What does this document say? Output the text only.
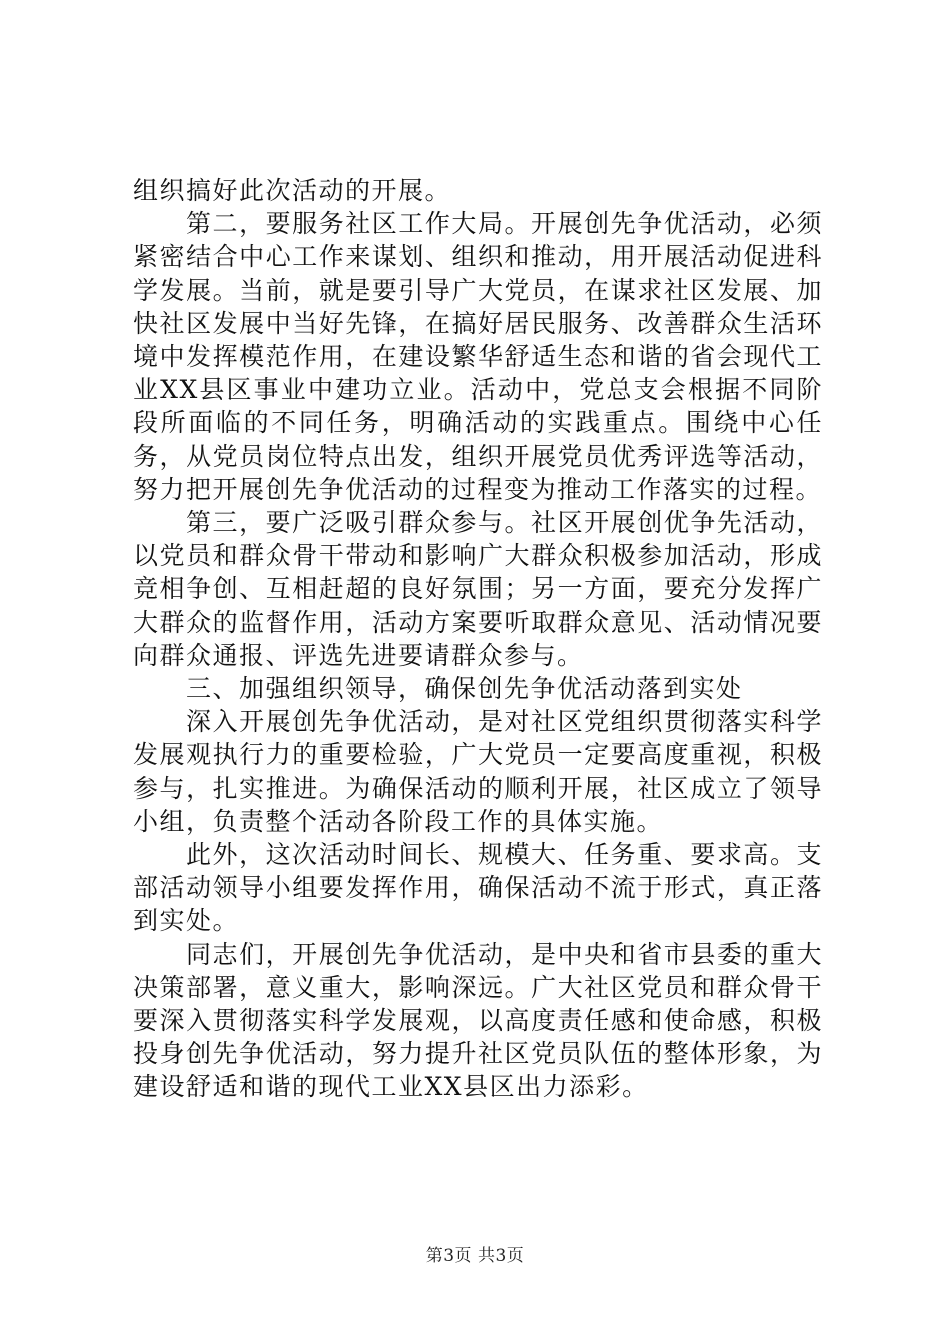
组织搞好此次活动的开展。

第二，要服务社区工作大局。开展创先争优活动，必须紧密结合中心工作来谋划、组织和推动，用开展活动促进科学发展。当前，就是要引导广大党员，在谋求社区发展、加快社区发展中当好先锋，在搞好居民服务、改善群众生活环境中发挥模范作用，在建设繁华舒适生态和谐的省会现代工业XX县区事业中建功立业。活动中，党总支会根据不同阶段所面临的不同任务，明确活动的实践重点。围绕中心任务，从党员岗位特点出发，组织开展党员优秀评选等活动，努力把开展创先争优活动的过程变为推动工作落实的过程。

第三，要广泛吸引群众参与。社区开展创优争先活动，以党员和群众骨干带动和影响广大群众积极参加活动，形成竞相争创、互相赶超的良好氛围；另一方面，要充分发挥广大群众的监督作用，活动方案要听取群众意见、活动情况要向群众通报、评选先进要请群众参与。

三、加强组织领导，确保创先争优活动落到实处

深入开展创先争优活动，是对社区党组织贯彻落实科学发展观执行力的重要检验，广大党员一定要高度重视，积极参与，扎实推进。为确保活动的顺利开展，社区成立了领导小组，负责整个活动各阶段工作的具体实施。

此外，这次活动时间长、规模大、任务重、要求高。支部活动领导小组要发挥作用，确保活动不流于形式，真正落到实处。

同志们，开展创先争优活动，是中央和省市县委的重大决策部署，意义重大，影响深远。广大社区党员和群众骨干要深入贯彻落实科学发展观，以高度责任感和使命感，积极投身创先争优活动，努力提升社区党员队伍的整体形象，为建设舒适和谐的现代工业XX县区出力添彩。

第3页 共3页
